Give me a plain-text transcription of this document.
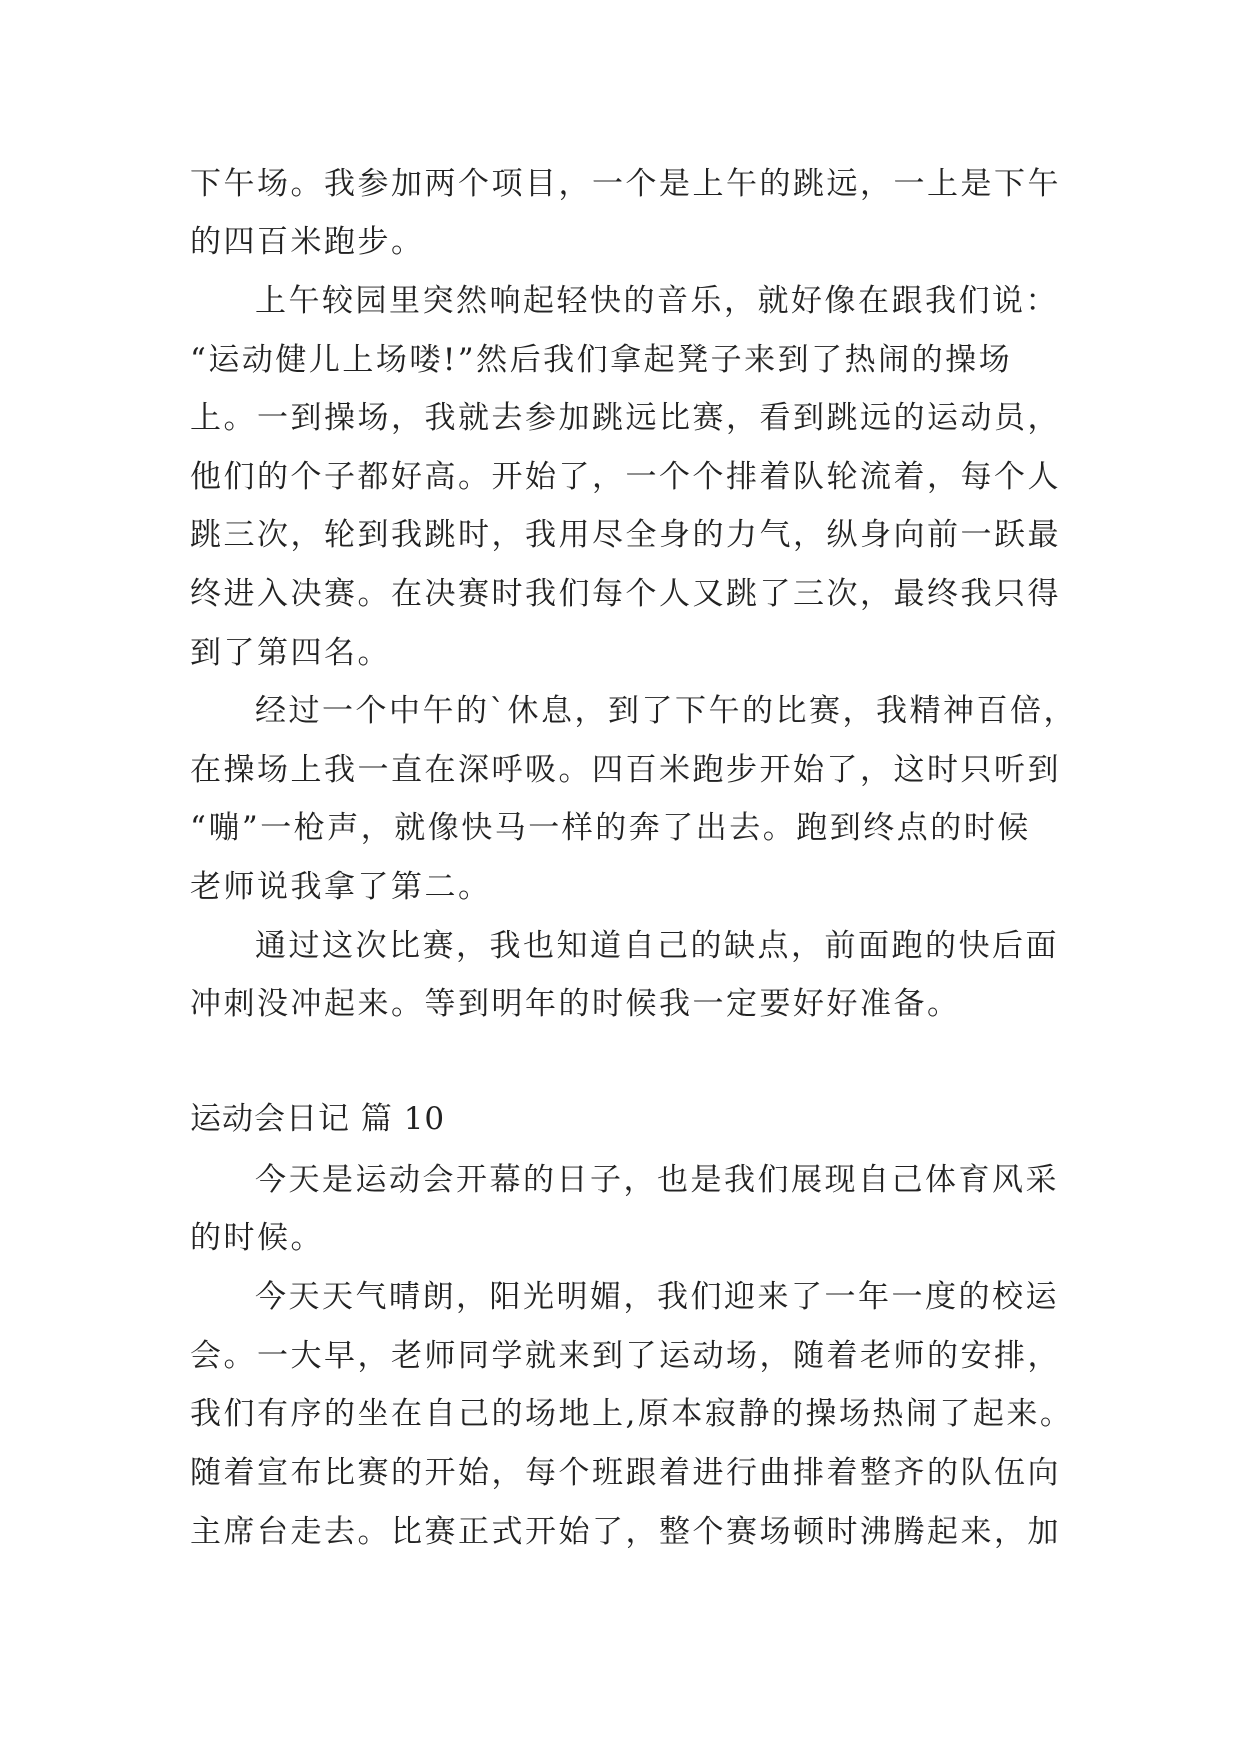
下午场。我参加两个项目，一个是上午的跳远，一上是下午
的四百米跑步。
上午较园里突然响起轻快的音乐，就好像在跟我们说：
“运动健儿上场喽!”然后我们拿起凳子来到了热闹的操场
上。一到操场，我就去参加跳远比赛，看到跳远的运动员，
他们的个子都好高。开始了，一个个排着队轮流着，每个人
跳三次，轮到我跳时，我用尽全身的力气，纵身向前一跃最
终进入决赛。在决赛时我们每个人又跳了三次，最终我只得
到了第四名。
经过一个中午的`休息，到了下午的比赛，我精神百倍，
在操场上我一直在深呼吸。四百米跑步开始了，这时只听到
“嘣”一枪声，就像快马一样的奔了出去。跑到终点的时候
老师说我拿了第二。
通过这次比赛，我也知道自己的缺点，前面跑的快后面
冲刺没冲起来。等到明年的时候我一定要好好准备。
运动会日记 篇 10
今天是运动会开幕的日子，也是我们展现自己体育风采
的时候。
今天天气晴朗，阳光明媚，我们迎来了一年一度的校运
会。一大早，老师同学就来到了运动场，随着老师的安排，
我们有序的坐在自己的场地上,原本寂静的操场热闹了起来。
随着宣布比赛的开始，每个班跟着进行曲排着整齐的队伍向
主席台走去。比赛正式开始了，整个赛场顿时沸腾起来，加
